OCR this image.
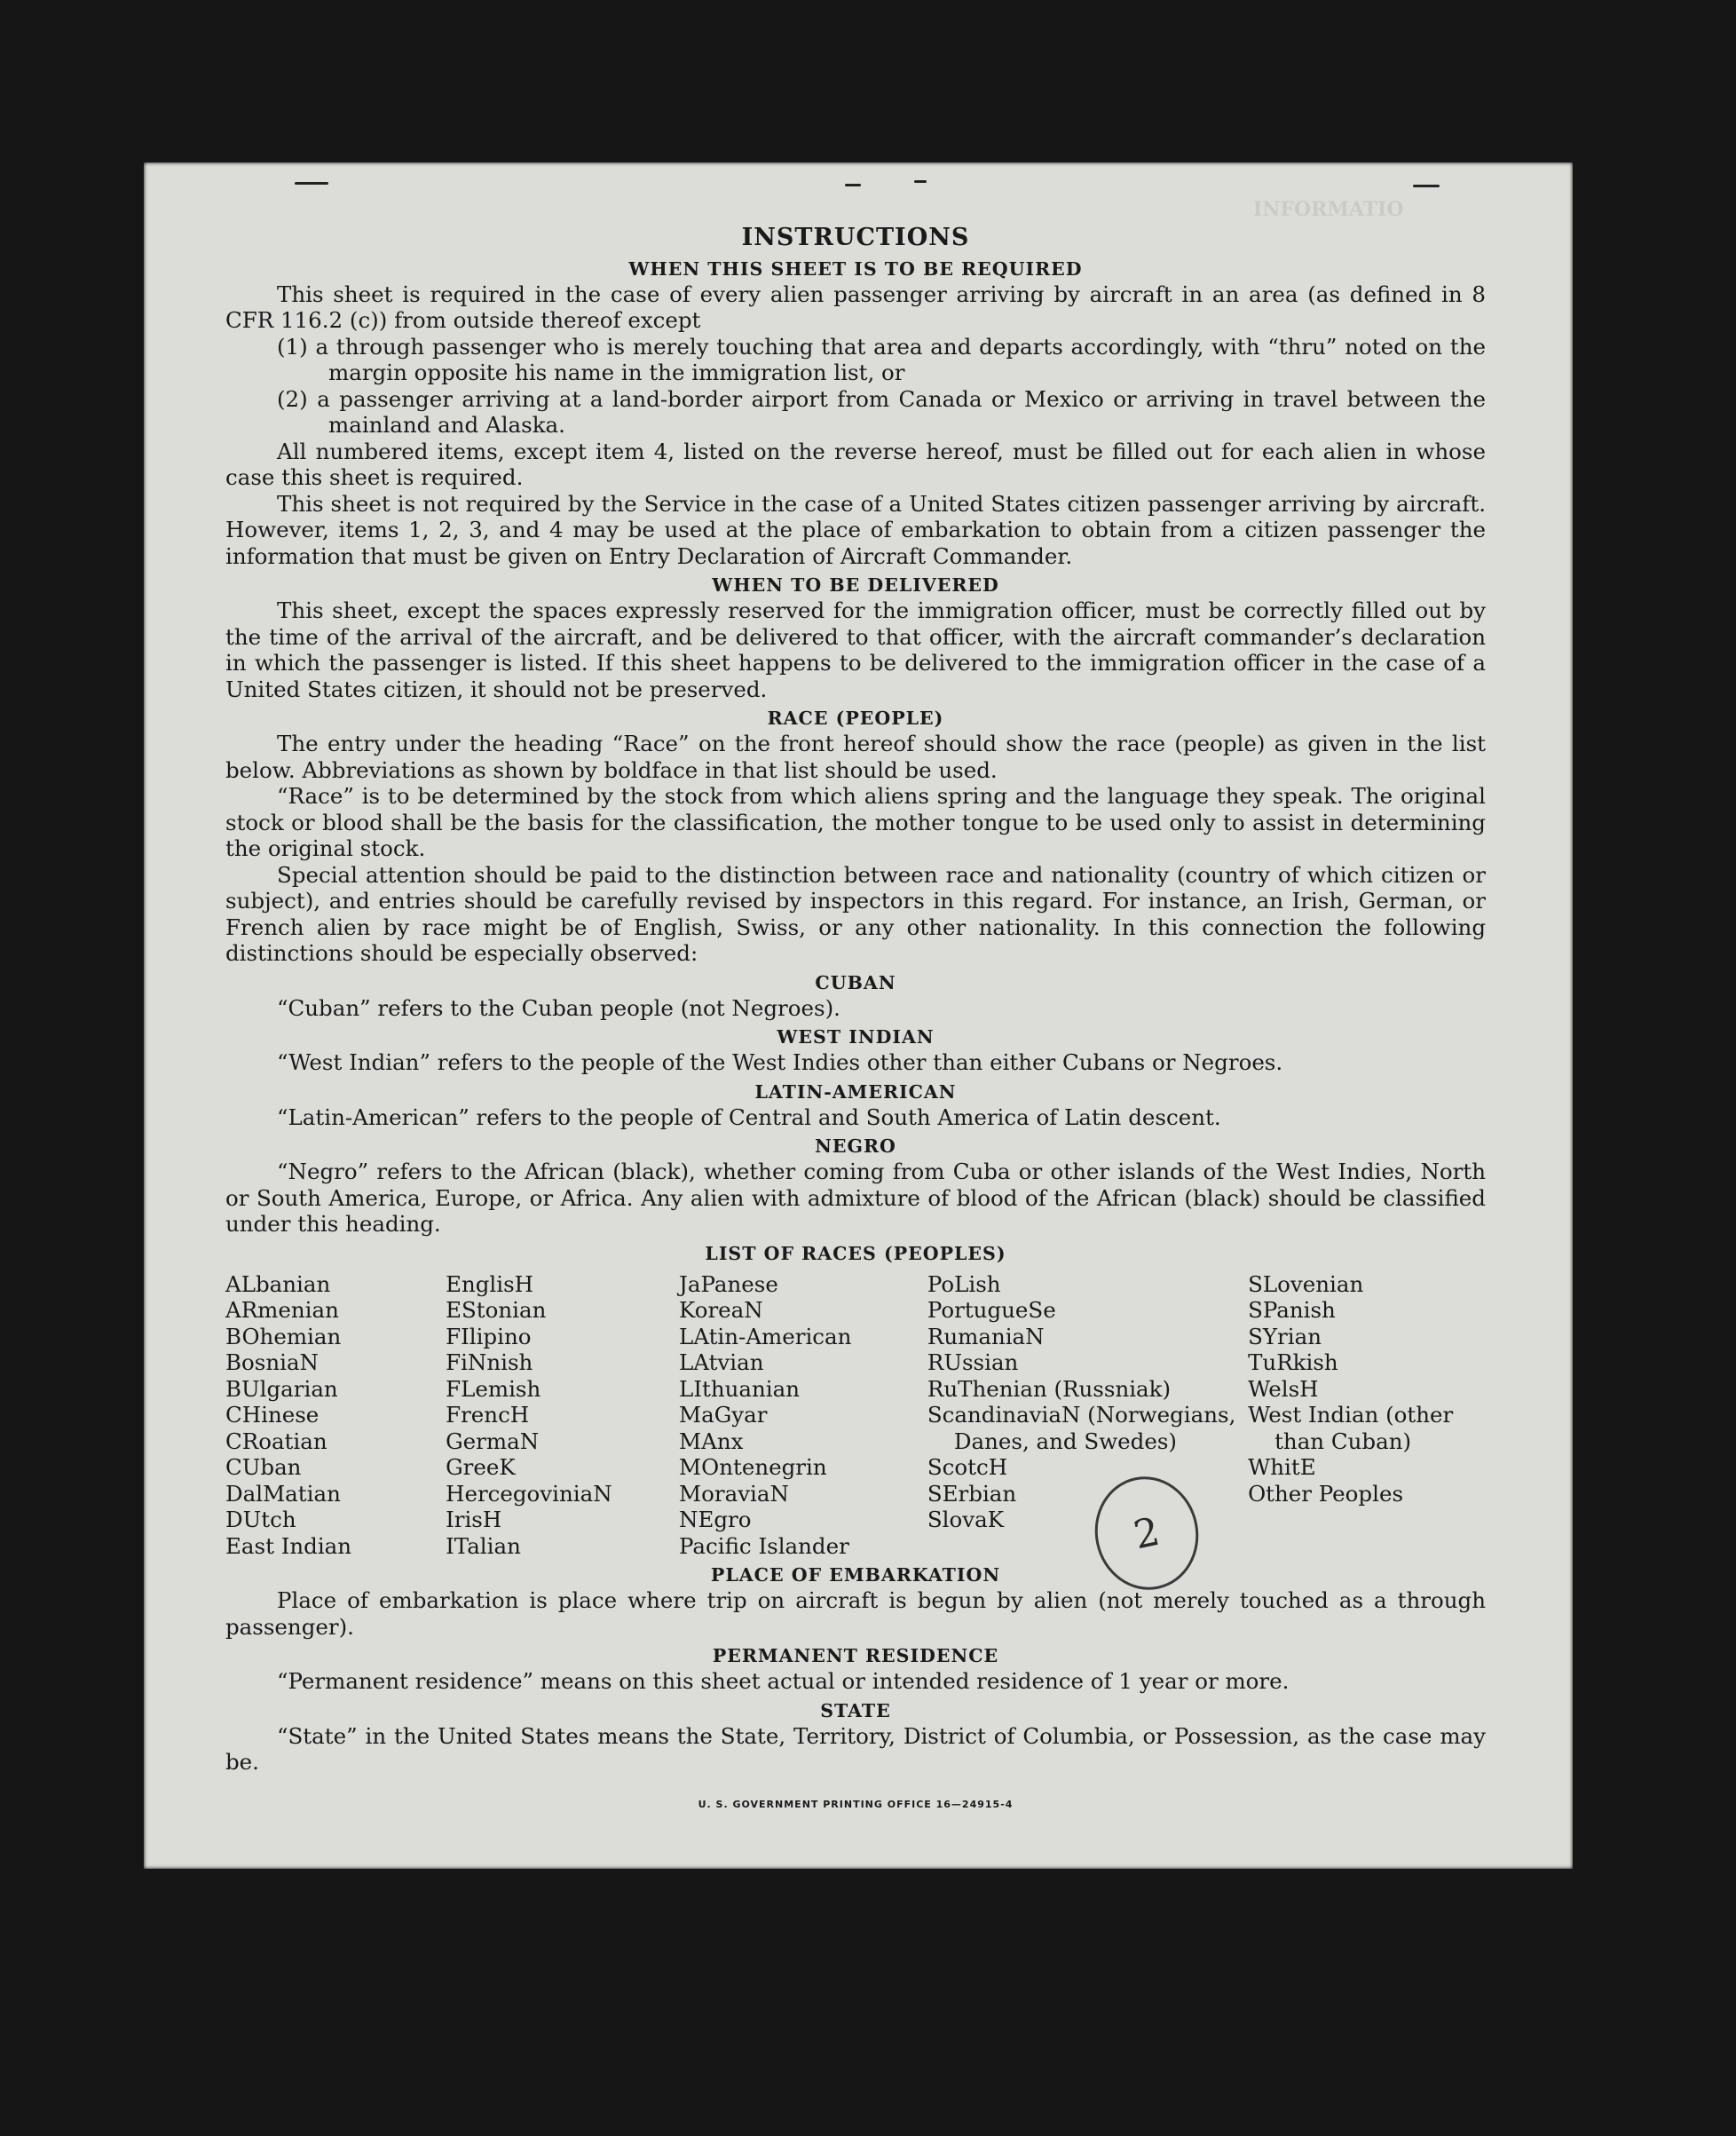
INFORMATIO
INSTRUCTIONS
WHEN THIS SHEET IS TO BE REQUIRED

This sheet is required in the case of every alien passenger arriving by aircraft in an area (as defined in 8 CFR 116.2 (c)) from outside thereof except

(1) a through passenger who is merely touching that area and departs accordingly, with “thru” noted on the margin opposite his name in the immigration list, or

(2) a passenger arriving at a land-border airport from Canada or Mexico or arriving in travel between the mainland and Alaska.

All numbered items, except item 4, listed on the reverse hereof, must be filled out for each alien in whose case this sheet is required.

This sheet is not required by the Service in the case of a United States citizen passenger arriving by aircraft. However, items 1, 2, 3, and 4 may be used at the place of embarkation to obtain from a citizen passenger the information that must be given on Entry Declaration of Aircraft Commander.

WHEN TO BE DELIVERED

This sheet, except the spaces expressly reserved for the immigration officer, must be correctly filled out by the time of the arrival of the aircraft, and be delivered to that officer, with the aircraft commander’s declaration in which the passenger is listed. If this sheet happens to be delivered to the immigration officer in the case of a United States citizen, it should not be preserved.

RACE (PEOPLE)

The entry under the heading “Race” on the front hereof should show the race (people) as given in the list below. Abbreviations as shown by boldface in that list should be used.

“Race” is to be determined by the stock from which aliens spring and the language they speak. The original stock or blood shall be the basis for the classification, the mother tongue to be used only to assist in determining the original stock.

Special attention should be paid to the distinction between race and nationality (country of which citizen or subject), and entries should be carefully revised by inspectors in this regard. For instance, an Irish, German, or French alien by race might be of English, Swiss, or any other nationality. In this connection the following distinctions should be especially observed:

CUBAN

“Cuban” refers to the Cuban people (not Negroes).

WEST INDIAN

“West Indian” refers to the people of the West Indies other than either Cubans or Negroes.

LATIN-AMERICAN

“Latin-American” refers to the people of Central and South America of Latin descent.

NEGRO

“Negro” refers to the African (black), whether coming from Cuba or other islands of the West Indies, North or South America, Europe, or Africa. Any alien with admixture of blood of the African (black) should be classified under this heading.

LIST OF RACES (PEOPLES)
ALbanian
ARmenian
BOhemian
BosniaN
BUlgarian
CHinese
CRoatian
CUban
DalMatian
DUtch
East Indian
EnglisH
EStonian
FIlipino
FiNnish
FLemish
FrencH
GermaN
GreeK
HercegoviniaN
IrisH
ITalian
JaPanese
KoreaN
LAtin-American
LAtvian
LIthuanian
MaGyar
MAnx
MOntenegrin
MoraviaN
NEgro
Pacific Islander
PoLish
PortugueSe
RumaniaN
RUssian
RuThenian (Russniak)
ScandinaviaN (Norwegians, Danes, and Swedes)
ScotcH
SErbian
SlovaK
SLovenian
SPanish
SYrian
TuRkish
WelsH
West Indian (other than Cuban)
WhitE
Other Peoples
PLACE OF EMBARKATION

Place of embarkation is place where trip on aircraft is begun by alien (not merely touched as a through passenger).

PERMANENT RESIDENCE

“Permanent residence” means on this sheet actual or intended residence of 1 year or more.

STATE

“State” in the United States means the State, Territory, District of Columbia, or Possession, as the case may be.

U. S. GOVERNMENT PRINTING OFFICE 16—24915-4
2
